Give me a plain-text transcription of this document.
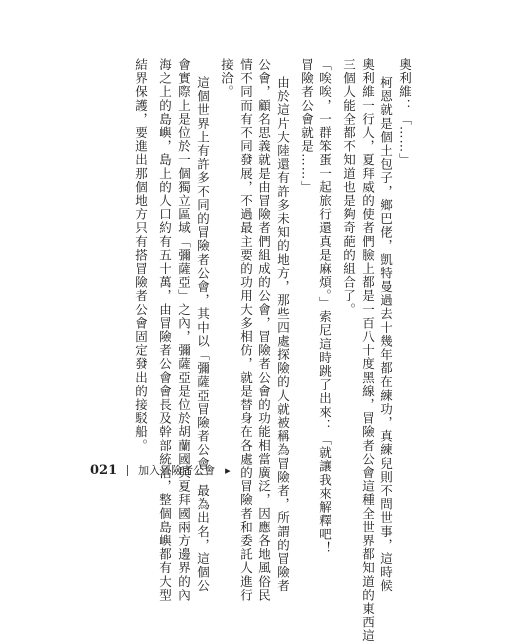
奧利維：「……」
柯恩就是個土包子，鄉巴佬，凱特曼過去十幾年都在練功，真練兒則不問世事，這時候
奧利維一行人，夏拜威的使者們臉上都是一百八十度黑線，冒險者公會這種全世界都知道的東西這
三個人能全都不知道也是夠奇葩的組合了。
「唉唉，一群笨蛋一起旅行還真是麻煩。」索尼這時跳了出來：「就讓我來解釋吧！
冒險者公會就是……」
由於這片大陸還有許多未知的地方，那些四處探險的人就被稱為冒險者，所謂的冒險者
公會，顧名思義就是由冒險者們組成的公會，冒險者公會的功能相當廣泛，因應各地風俗民
情不同而有不同發展，不過最主要的功用大多相仿，就是替身在各處的冒險者和委託人進行
接洽。
這個世界上有許多不同的冒險者公會，其中以「彌薩亞冒險者公會」最為出名，這個公
會實際上是位於一個獨立區域「彌薩亞」之內，彌薩亞是位於胡蘭國與夏拜國兩方邊界的內
海之上的島嶼，島上的人口約有五十萬，由冒險者公會會長及幹部統治，整個島嶼都有大型
結界保護，要進出那個地方只有搭冒險者公會固定發出的接駁船。
021 加入冒險者公會 ▸
